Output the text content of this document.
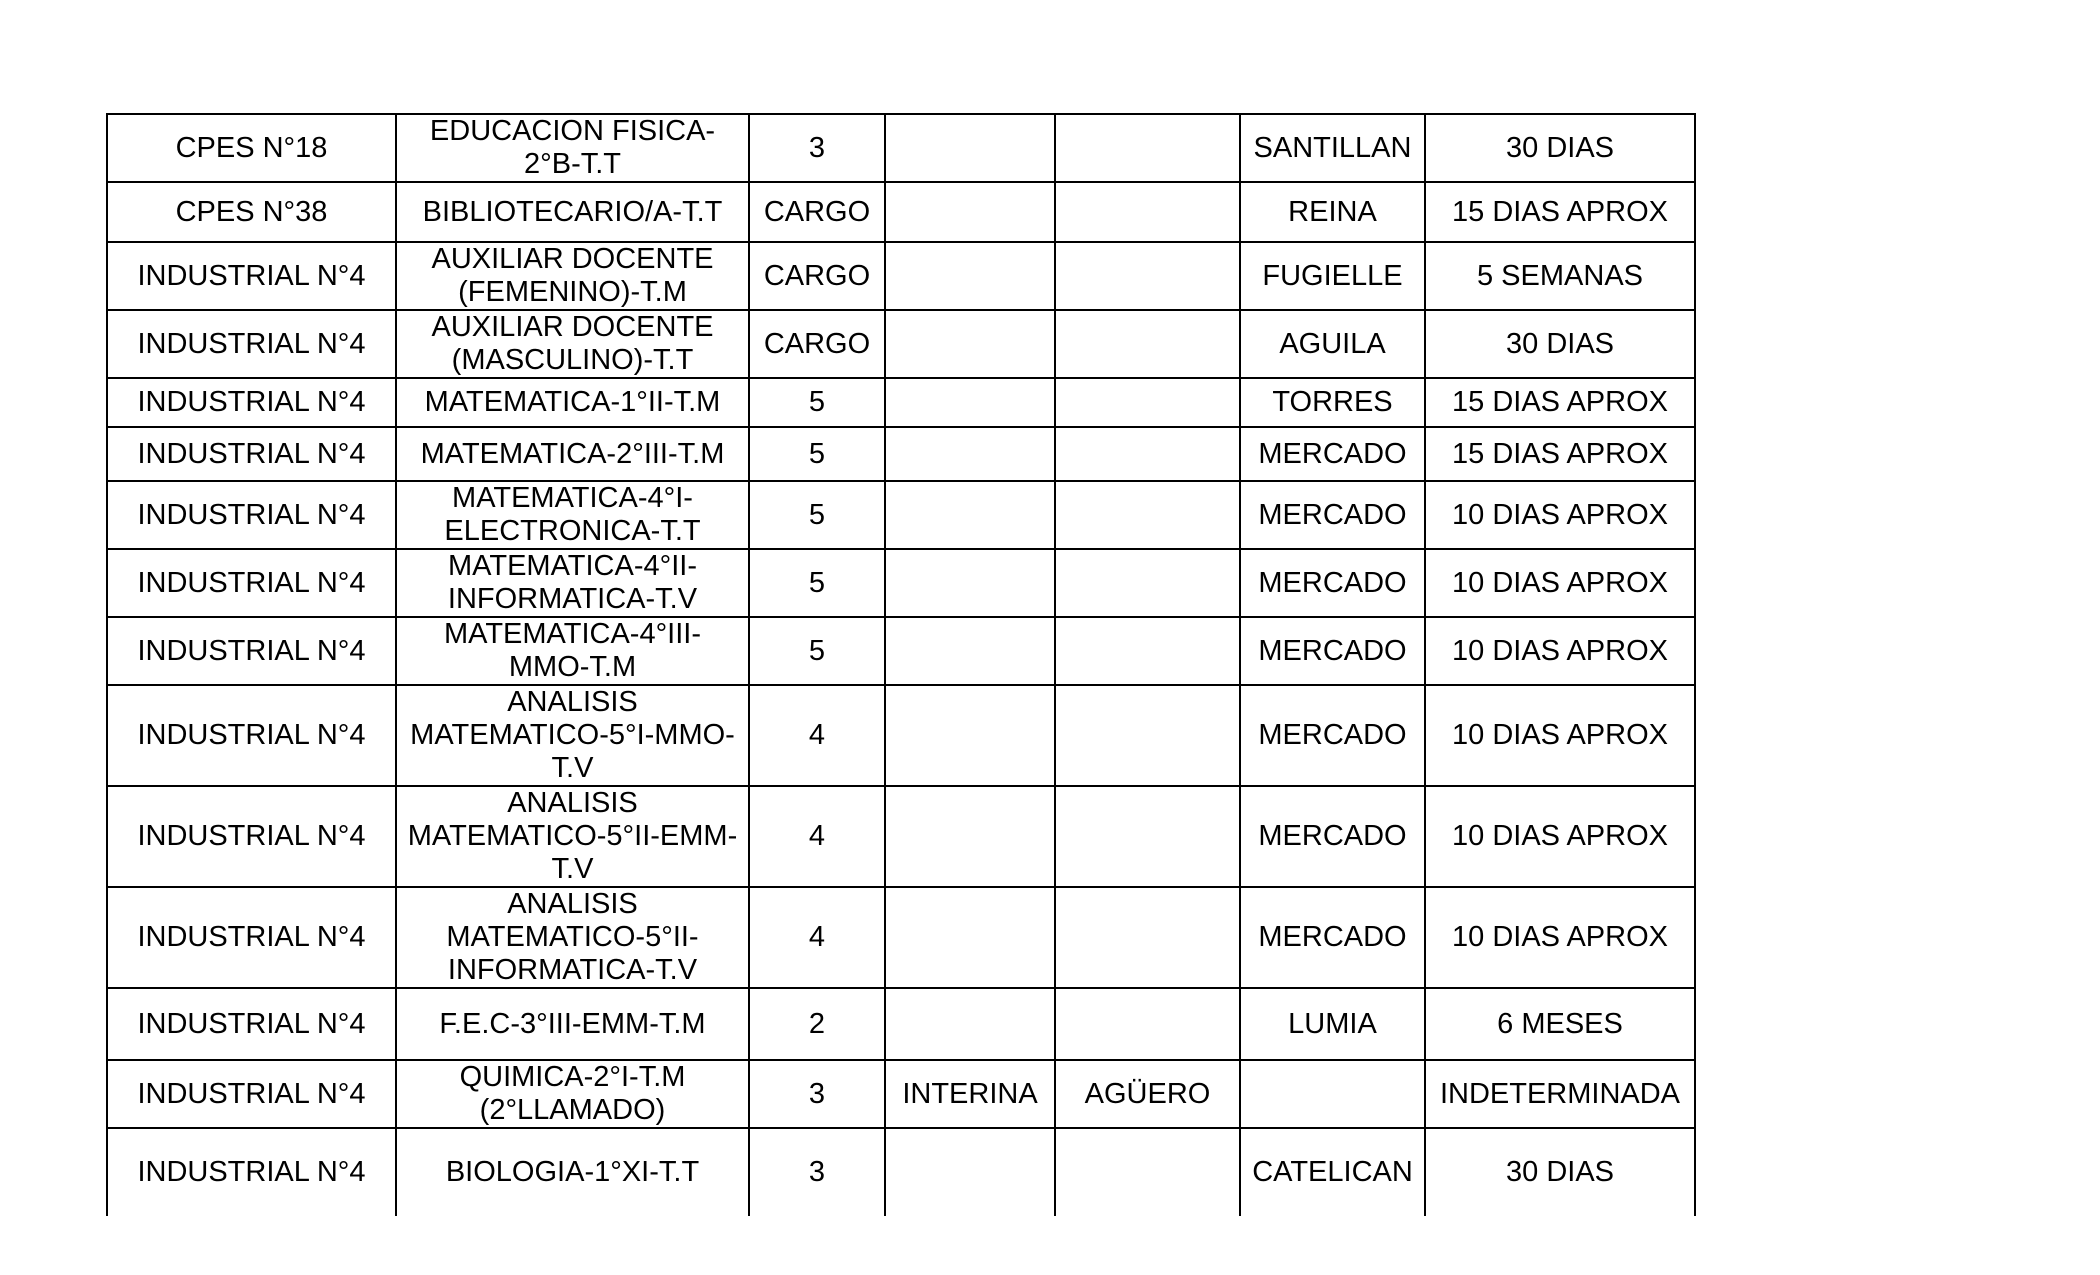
CPES N°18	EDUCACION FISICA-2°B-T.T	3			SANTILLAN	30 DIAS
CPES N°38	BIBLIOTECARIO/A-T.T	CARGO			REINA	15 DIAS APROX
INDUSTRIAL N°4	AUXILIAR DOCENTE (FEMENINO)-T.M	CARGO			FUGIELLE	5 SEMANAS
INDUSTRIAL N°4	AUXILIAR DOCENTE (MASCULINO)-T.T	CARGO			AGUILA	30 DIAS
INDUSTRIAL N°4	MATEMATICA-1°II-T.M	5			TORRES	15 DIAS APROX
INDUSTRIAL N°4	MATEMATICA-2°III-T.M	5			MERCADO	15 DIAS APROX
INDUSTRIAL N°4	MATEMATICA-4°I-ELECTRONICA-T.T	5			MERCADO	10 DIAS APROX
INDUSTRIAL N°4	MATEMATICA-4°II-INFORMATICA-T.V	5			MERCADO	10 DIAS APROX
INDUSTRIAL N°4	MATEMATICA-4°III-MMO-T.M	5			MERCADO	10 DIAS APROX
INDUSTRIAL N°4	ANALISIS MATEMATICO-5°I-MMO-T.V	4			MERCADO	10 DIAS APROX
INDUSTRIAL N°4	ANALISIS MATEMATICO-5°II-EMM-T.V	4			MERCADO	10 DIAS APROX
INDUSTRIAL N°4	ANALISIS MATEMATICO-5°II-INFORMATICA-T.V	4			MERCADO	10 DIAS APROX
INDUSTRIAL N°4	F.E.C-3°III-EMM-T.M	2			LUMIA	6 MESES
INDUSTRIAL N°4	QUIMICA-2°I-T.M (2°LLAMADO)	3	INTERINA	AGÜERO		INDETERMINADA
INDUSTRIAL N°4	BIOLOGIA-1°XI-T.T	3			CATELICAN	30 DIAS
